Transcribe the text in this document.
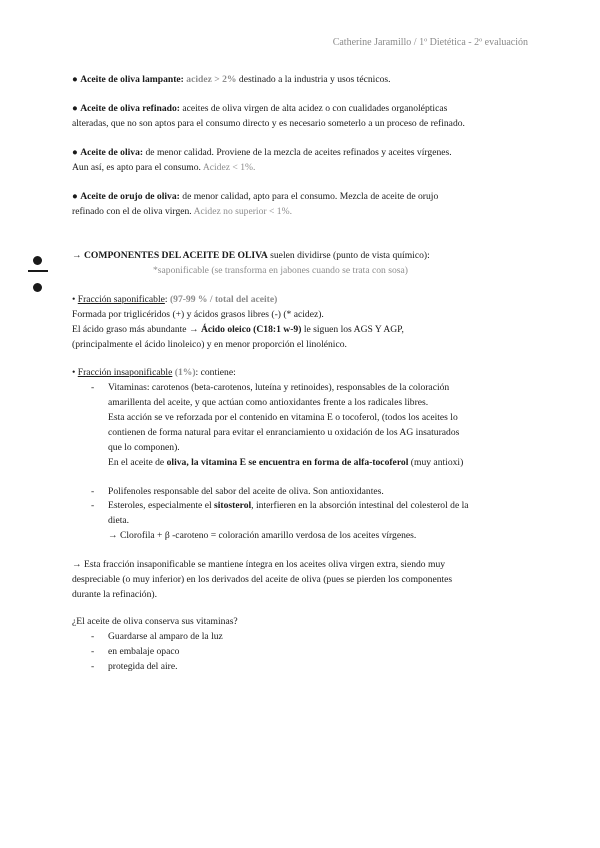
Catherine Jaramillo / 1º Dietética - 2º evaluación
● Aceite de oliva lampante: acidez > 2% destinado a la industria y usos técnicos.
● Aceite de oliva refinado: aceites de oliva virgen de alta acidez o con cualidades organolépticas
alteradas, que no son aptos para el consumo directo y es necesario someterlo a un proceso de refinado.
● Aceite de oliva: de menor calidad. Proviene de la mezcla de aceites refinados y aceites vírgenes.
Aun así, es apto para el consumo. Acidez < 1%.
● Aceite de orujo de oliva: de menor calidad, apto para el consumo. Mezcla de aceite de orujo
refinado con el de oliva virgen. Acidez no superior < 1%.
→ COMPONENTES DEL ACEITE DE OLIVA suelen dividirse (punto de vista químico):
*saponificable (se transforma en jabones cuando se trata con sosa)
• Fracción saponificable: (97-99 % / total del aceite)
Formada por triglicéridos (+) y ácidos grasos libres (-) (* acidez).
El ácido graso más abundante → Ácido oleico (C18:1 w-9) le siguen los AGS Y AGP,
(principalmente el ácido linoleico) y en menor proporción el linolénico.
• Fracción insaponificable (1%): contiene:
- Vitaminas: carotenos (beta-carotenos, luteína y retinoides), responsables de la coloración
amarillenta del aceite, y que actúan como antioxidantes frente a los radicales libres.
Esta acción se ve reforzada por el contenido en vitamina E o tocoferol, (todos los aceites lo
contienen de forma natural para evitar el enranciamiento u oxidación de los AG insaturados
que lo componen).
En el aceite de oliva, la vitamina E se encuentra en forma de alfa-tocoferol (muy antioxi)
- Polifenoles responsable del sabor del aceite de oliva. Son antioxidantes.
- Esteroles, especialmente el sitosterol, interfieren en la absorción intestinal del colesterol de la
dieta.
→ Clorofila + β -caroteno = coloración amarillo verdosa de los aceites vírgenes.
→ Esta fracción insaponificable se mantiene íntegra en los aceites oliva virgen extra, siendo muy
despreciable (o muy inferior) en los derivados del aceite de oliva (pues se pierden los componentes
durante la refinación).
¿El aceite de oliva conserva sus vitaminas?
- Guardarse al amparo de la luz
- en embalaje opaco
- protegida del aire.
